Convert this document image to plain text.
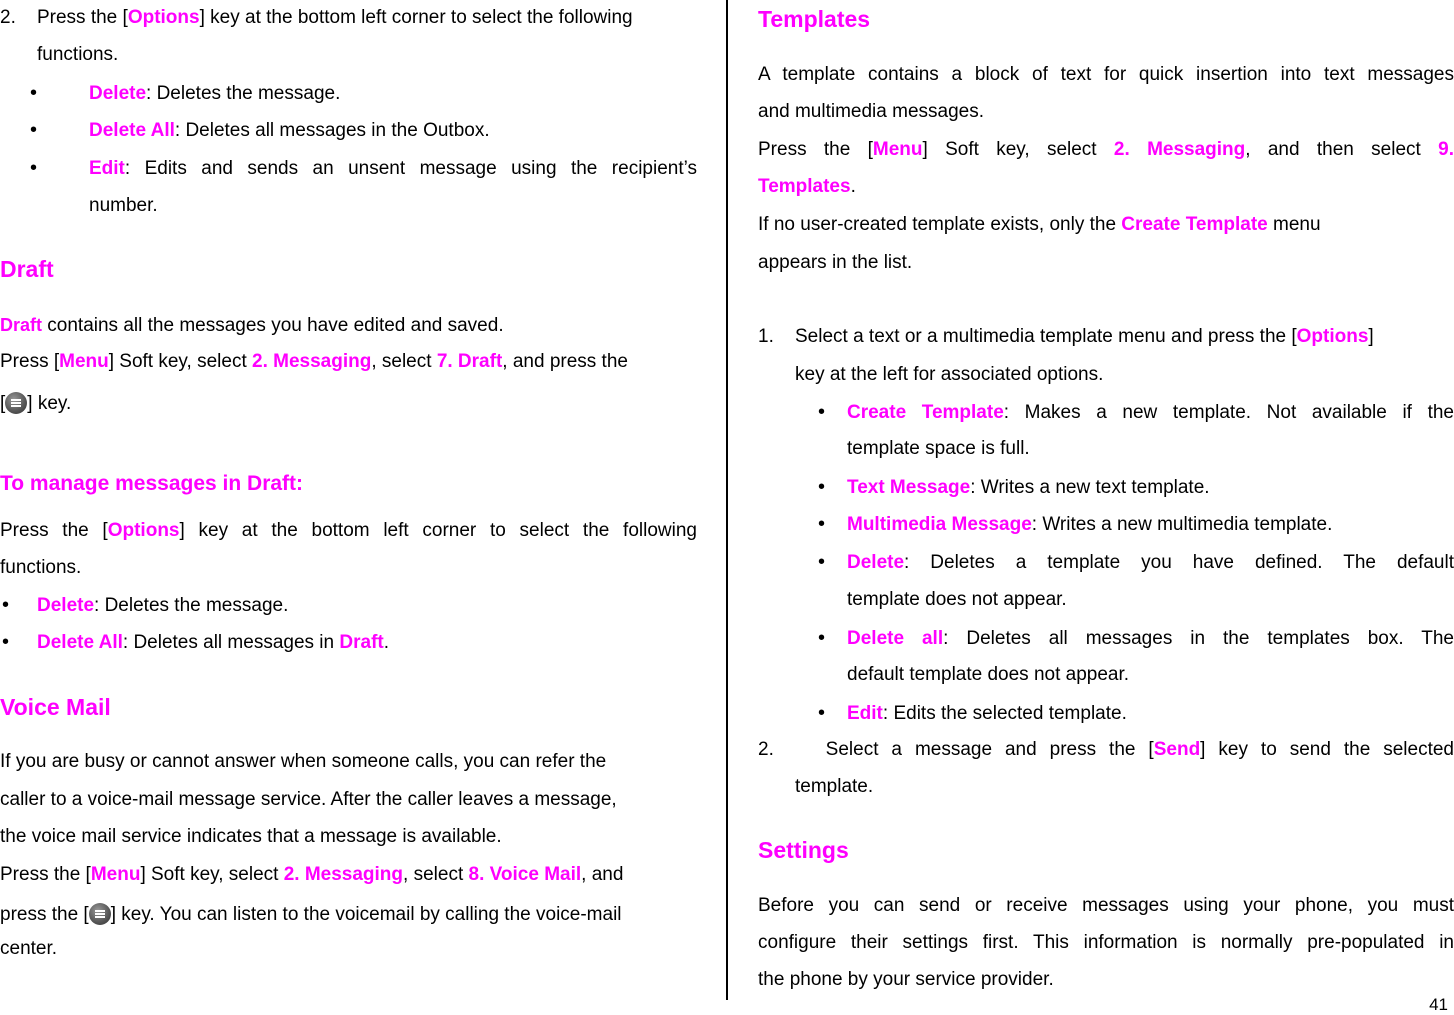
2. Press the [Options] key at the bottom left corner to select the following
functions.
•	Delete: Deletes the message.
•	Delete All: Deletes all messages in the Outbox.
•	Edit: Edits and sends an unsent message using the recipient’s
number.
Draft
Draft contains all the messages you have edited and saved.
Press [Menu] Soft key, select 2. Messaging, select 7. Draft, and press the
[ ] key.
To manage messages in Draft:
Press the [Options] key at the bottom left corner to select the following
functions.
• Delete: Deletes the message.
• Delete All: Deletes all messages in Draft.
Voice Mail
If you are busy or cannot answer when someone calls, you can refer the
caller to a voice-mail message service. After the caller leaves a message,
the voice mail service indicates that a message is available.
Press the [Menu] Soft key, select 2. Messaging, select 8. Voice Mail, and
press the [ ] key. You can listen to the voicemail by calling the voice-mail
center.
Templates
A template contains a block of text for quick insertion into text messages
and multimedia messages.
Press the [Menu] Soft key, select 2. Messaging, and then select 9.
Templates.
If no user-created template exists, only the Create Template menu
appears in the list.
1. Select a text or a multimedia template menu and press the [Options]
key at the left for associated options.
• Create Template: Makes a new template. Not available if the
template space is full.
• Text Message: Writes a new text template.
• Multimedia Message: Writes a new multimedia template.
• Delete: Deletes a template you have defined. The default
template does not appear.
• Delete all: Deletes all messages in the templates box. The
default template does not appear.
• Edit: Edits the selected template.
2.	Select a message and press the [Send] key to send the selected
template.
Settings
Before you can send or receive messages using your phone, you must
configure their settings first. This information is normally pre-populated in
the phone by your service provider.
41
